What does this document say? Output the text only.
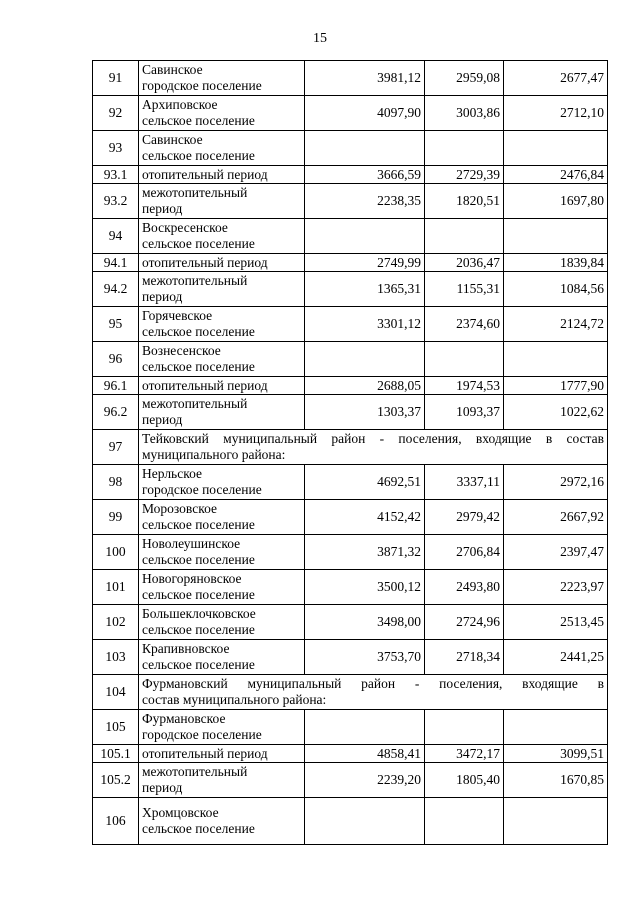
15
91	Савинское
городское поселение	3981,12	2959,08	2677,47
92	Архиповское
сельское поселение	4097,90	3003,86	2712,10
93	Савинское
сельское поселение			

93.1	отопительный период	3666,59	2729,39	2476,84
93.2	межотопительный
период	2238,35	1820,51	1697,80
94	Воскресенское
сельское поселение			

94.1	отопительный период	2749,99	2036,47	1839,84
94.2	межотопительный
период	1365,31	1155,31	1084,56
95	Горячевское
сельское поселение	3301,12	2374,60	2124,72
96	Вознесенское
сельское поселение			

96.1	отопительный период	2688,05	1974,53	1777,90
96.2	межотопительный
период	1303,37	1093,37	1022,62
97	Тейковский муниципальный район - поселения, входящие в состав
муниципального района:			

98	Нерльское
городское поселение	4692,51	3337,11	2972,16
99	Морозовское
сельское поселение	4152,42	2979,42	2667,92
100	Новолеушинское
сельское поселение	3871,32	2706,84	2397,47
101	Новогоряновское
сельское поселение	3500,12	2493,80	2223,97
102	Большеклочковское
сельское поселение	3498,00	2724,96	2513,45
103	Крапивновское
сельское поселение	3753,70	2718,34	2441,25
104	Фурмановский муниципальный район - поселения, входящие в
состав муниципального района:			

105	Фурмановское
городское поселение			

105.1	отопительный период	4858,41	3472,17	3099,51
105.2	межотопительный
период	2239,20	1805,40	1670,85
106	Хромцовское
сельское поселение			
